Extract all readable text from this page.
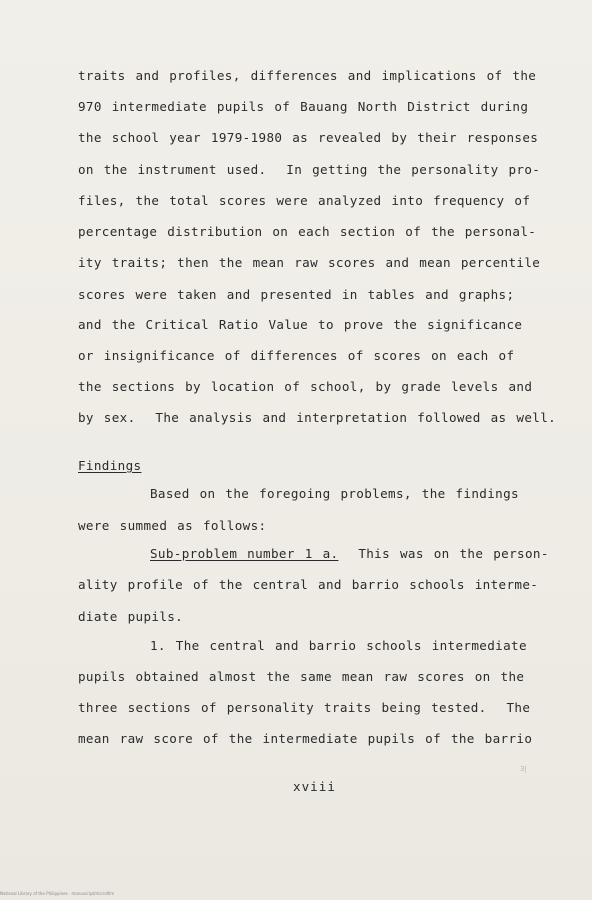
traits and profiles, differences and implications of the
970 intermediate pupils of Bauang North District during
the school year 1979-1980 as revealed by their responses
on the instrument used.  In getting the personality pro-
files, the total scores were analyzed into frequency of
percentage distribution on each section of the personal-
ity traits; then the mean raw scores and mean percentile
scores were taken and presented in tables and graphs;
and the Critical Ratio Value to prove the significance
or insignificance of differences of scores on each of
the sections by location of school, by grade levels and
by sex.  The analysis and interpretation followed as well.
Findings
Based on the foregoing problems, the findings
were summed as follows:
Sub-problem number 1 a.  This was on the person-
ality profile of the central and barrio schools interme-
diate pupils.
1. The central and barrio schools intermediate
pupils obtained almost the same mean raw scores on the
three sections of personality traits being tested.  The
mean raw score of the intermediate pupils of the barrio
xviii
3|
National Library of the Philippines · manuscript/microfilm
